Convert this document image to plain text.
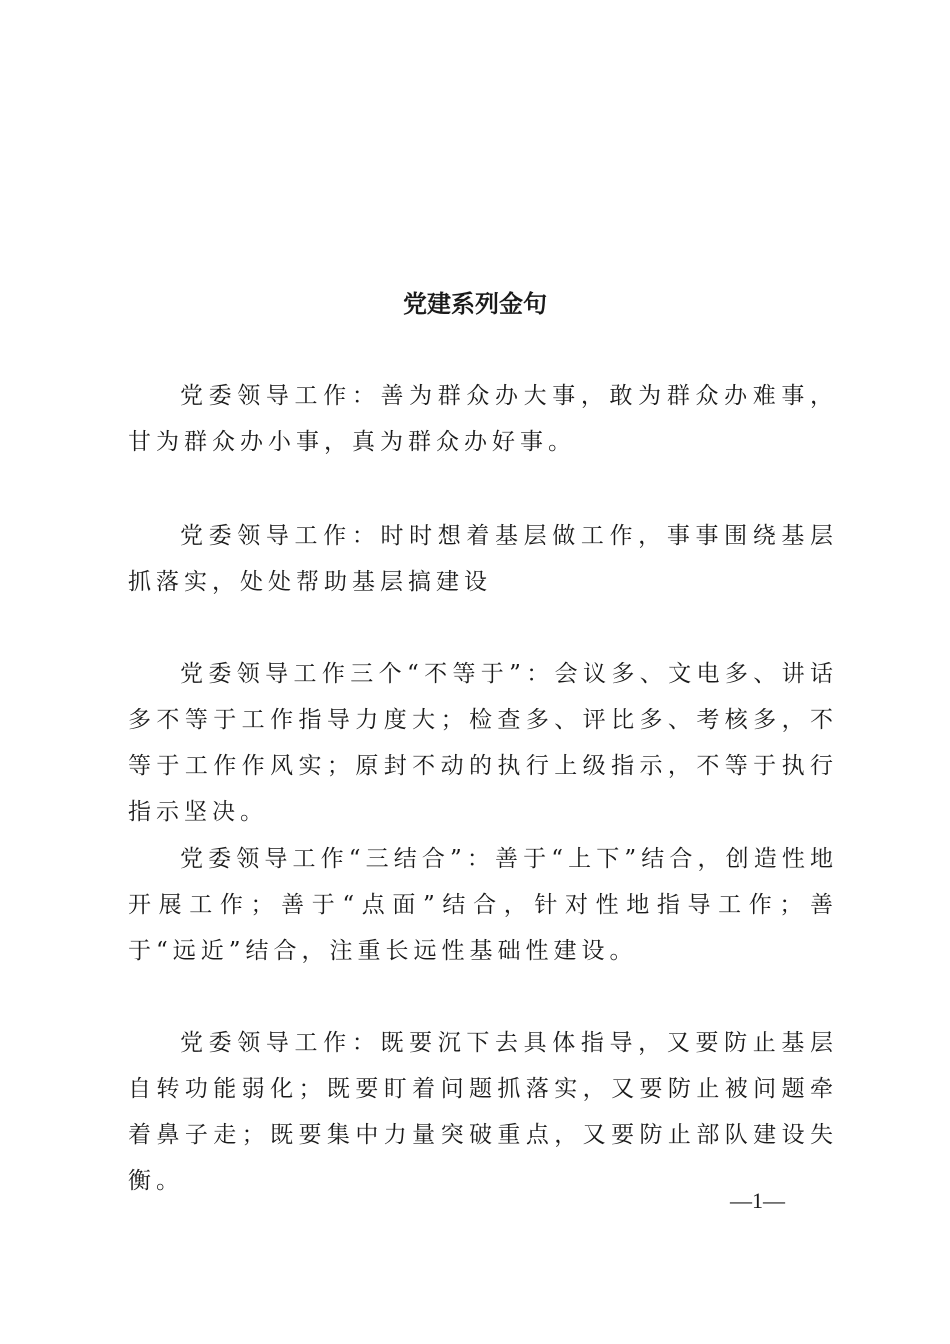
党建系列金句

党委领导工作：善为群众办大事，敢为群众办难事，甘为群众办小事，真为群众办好事。

党委领导工作：时时想着基层做工作，事事围绕基层抓落实，处处帮助基层搞建设

党委领导工作三个“不等于”：会议多、文电多、讲话多不等于工作指导力度大；检查多、评比多、考核多，不等于工作作风实；原封不动的执行上级指示，不等于执行指示坚决。

党委领导工作“三结合”：善于“上下”结合，创造性地开展工作；善于“点面”结合，针对性地指导工作；善于“远近”结合，注重长远性基础性建设。

党委领导工作：既要沉下去具体指导，又要防止基层自转功能弱化；既要盯着问题抓落实，又要防止被问题牵着鼻子走；既要集中力量突破重点，又要防止部队建设失衡。

—1—
